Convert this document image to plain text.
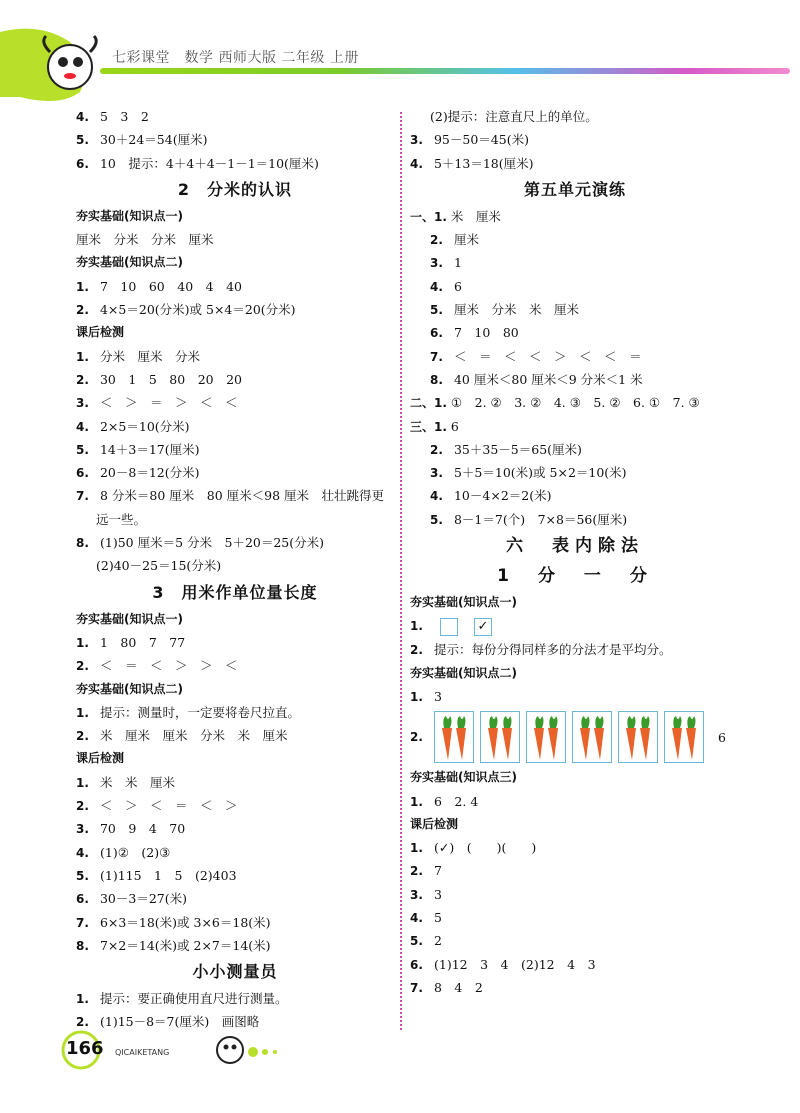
七彩课堂　数学 西师大版 二年级 上册
4. 5　3　2
5. 30＋24＝54(厘米)
6. 10　提示：4＋4＋4－1－1＝10(厘米)
2　分米的认识
夯实基础(知识点一)
厘米　分米　分米　厘米
夯实基础(知识点二)
1. 7　10　60　40　4　40
2. 4×5＝20(分米)或 5×4＝20(分米)
课后检测
1. 分米　厘米　分米
2. 30　1　5　80　20　20
3. ＜　＞　＝　＞　＜　＜
4. 2×5＝10(分米)
5. 14＋3＝17(厘米)
6. 20－8＝12(分米)
7. 8 分米＝80 厘米　80 厘米＜98 厘米　壮壮跳得更
远一些。
8. (1)50 厘米＝5 分米　5＋20＝25(分米)
(2)40－25＝15(分米)
3　用米作单位量长度
夯实基础(知识点一)
1. 1　80　7　77
2. ＜　＝　＜　＞　＞　＜
夯实基础(知识点二)
1. 提示：测量时，一定要将卷尺拉直。
2. 米　厘米　厘米　分米　米　厘米
课后检测
1. 米　米　厘米
2. ＜　＞　＜　＝　＜　＞
3. 70　9　4　70
4. (1)②　(2)③
5. (1)115　1　5　(2)403
6. 30－3＝27(米)
7. 6×3＝18(米)或 3×6＝18(米)
8. 7×2＝14(米)或 2×7＝14(米)
小小测量员
1. 提示：要正确使用直尺进行测量。
2. (1)15－8＝7(厘米)　画图略
(2)提示：注意直尺上的单位。
3. 95－50＝45(米)
4. 5＋13＝18(厘米)
第五单元演练
一、1. 米　厘米
2. 厘米
3. 1
4. 6
5. 厘米　分米　米　厘米
6. 7　10　80
7. ＜　＝　＜　＜　＞　＜　＜　＝
8. 40 厘米＜80 厘米＜9 分米＜1 米
二、1. ①　2. ②　3. ②　4. ③　5. ②　6. ①　7. ③
三、1. 6
2. 35＋35－5＝65(厘米)
3. 5＋5＝10(米)或 5×2＝10(米)
4. 10－4×2＝2(米)
5. 8－1＝7(个)　7×8＝56(厘米)
六　表内除法
1　分　一　分
夯实基础(知识点一)
1.	✓
2. 提示：每份分得同样多的分法才是平均分。
夯实基础(知识点二)
1. 3
2.	6
夯实基础(知识点三)
1. 6　2. 4
课后检测
1. (✓)　(　　)(　　)
2. 7
3. 3
4. 5
5. 2
6. (1)12　3　4　(2)12　4　3
7. 8　4　2
166 QICAIKETANG
